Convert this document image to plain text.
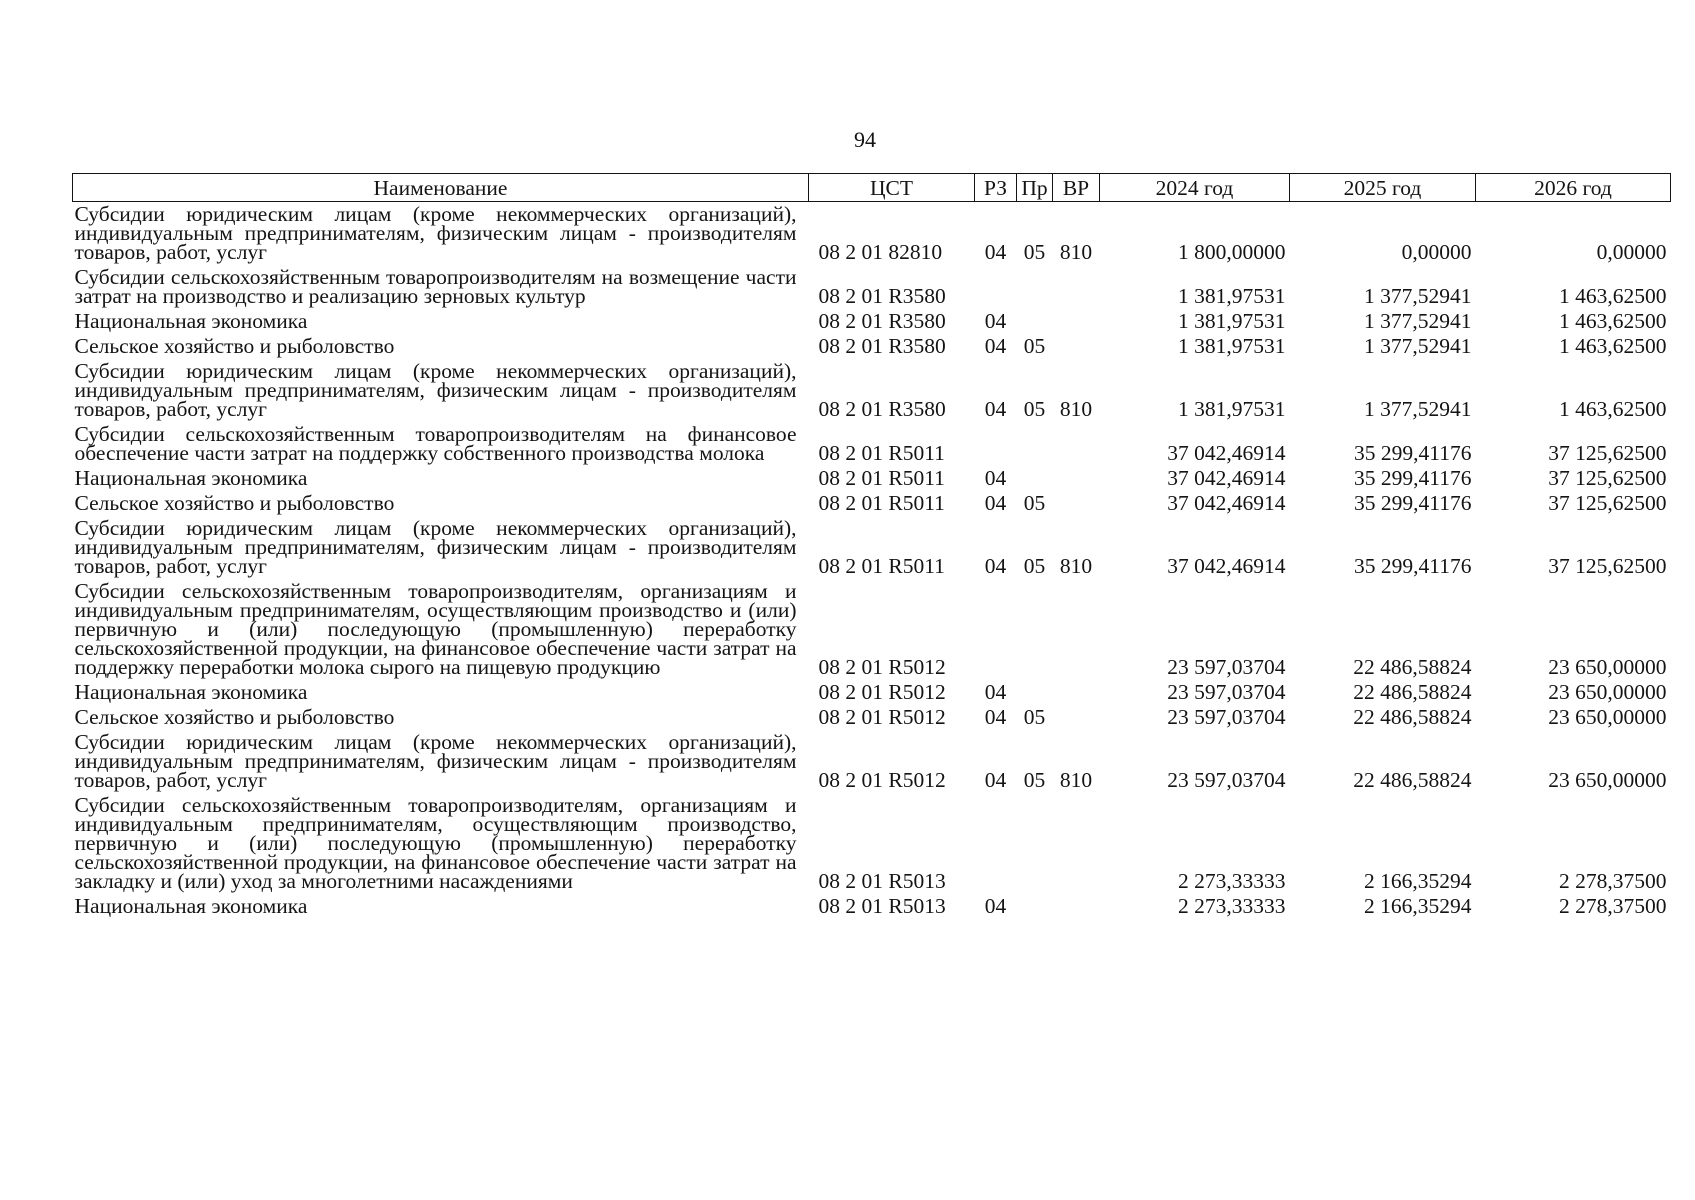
94
Наименование	ЦСТ	РЗ	Пр	ВР	2024 год	2025 год	2026 год
Субсидии юридическим лицам (кроме некоммерческих организаций), индивидуальным предпринимателям, физическим лицам - производителям товаров, работ, услуг	08 2 01 82810	04	05	810	1 800,00000	0,00000	0,00000
Субсидии сельскохозяйственным товаропроизводителям на возмещение части затрат на производство и реализацию зерновых культур	08 2 01 R3580				1 381,97531	1 377,52941	1 463,62500
Национальная экономика	08 2 01 R3580	04			1 381,97531	1 377,52941	1 463,62500
Сельское хозяйство и рыболовство	08 2 01 R3580	04	05		1 381,97531	1 377,52941	1 463,62500
Субсидии юридическим лицам (кроме некоммерческих организаций), индивидуальным предпринимателям, физическим лицам - производителям товаров, работ, услуг	08 2 01 R3580	04	05	810	1 381,97531	1 377,52941	1 463,62500
Субсидии сельскохозяйственным товаропроизводителям на финансовое обеспечение части затрат на поддержку собственного производства молока	08 2 01 R5011				37 042,46914	35 299,41176	37 125,62500
Национальная экономика	08 2 01 R5011	04			37 042,46914	35 299,41176	37 125,62500
Сельское хозяйство и рыболовство	08 2 01 R5011	04	05		37 042,46914	35 299,41176	37 125,62500
Субсидии юридическим лицам (кроме некоммерческих организаций), индивидуальным предпринимателям, физическим лицам - производителям товаров, работ, услуг	08 2 01 R5011	04	05	810	37 042,46914	35 299,41176	37 125,62500
Субсидии сельскохозяйственным товаропроизводителям, организациям и индивидуальным предпринимателям, осуществляющим производство и (или) первичную и (или) последующую (промышленную) переработку сельскохозяйственной продукции, на финансовое обеспечение части затрат на поддержку переработки молока сырого на пищевую продукцию	08 2 01 R5012				23 597,03704	22 486,58824	23 650,00000
Национальная экономика	08 2 01 R5012	04			23 597,03704	22 486,58824	23 650,00000
Сельское хозяйство и рыболовство	08 2 01 R5012	04	05		23 597,03704	22 486,58824	23 650,00000
Субсидии юридическим лицам (кроме некоммерческих организаций), индивидуальным предпринимателям, физическим лицам - производителям товаров, работ, услуг	08 2 01 R5012	04	05	810	23 597,03704	22 486,58824	23 650,00000
Субсидии сельскохозяйственным товаропроизводителям, организациям и индивидуальным предпринимателям, осуществляющим производство, первичную и (или) последующую (промышленную) переработку сельскохозяйственной продукции, на финансовое обеспечение части затрат на закладку и (или) уход за многолетними насаждениями	08 2 01 R5013				2 273,33333	2 166,35294	2 278,37500
Национальная экономика	08 2 01 R5013	04			2 273,33333	2 166,35294	2 278,37500
